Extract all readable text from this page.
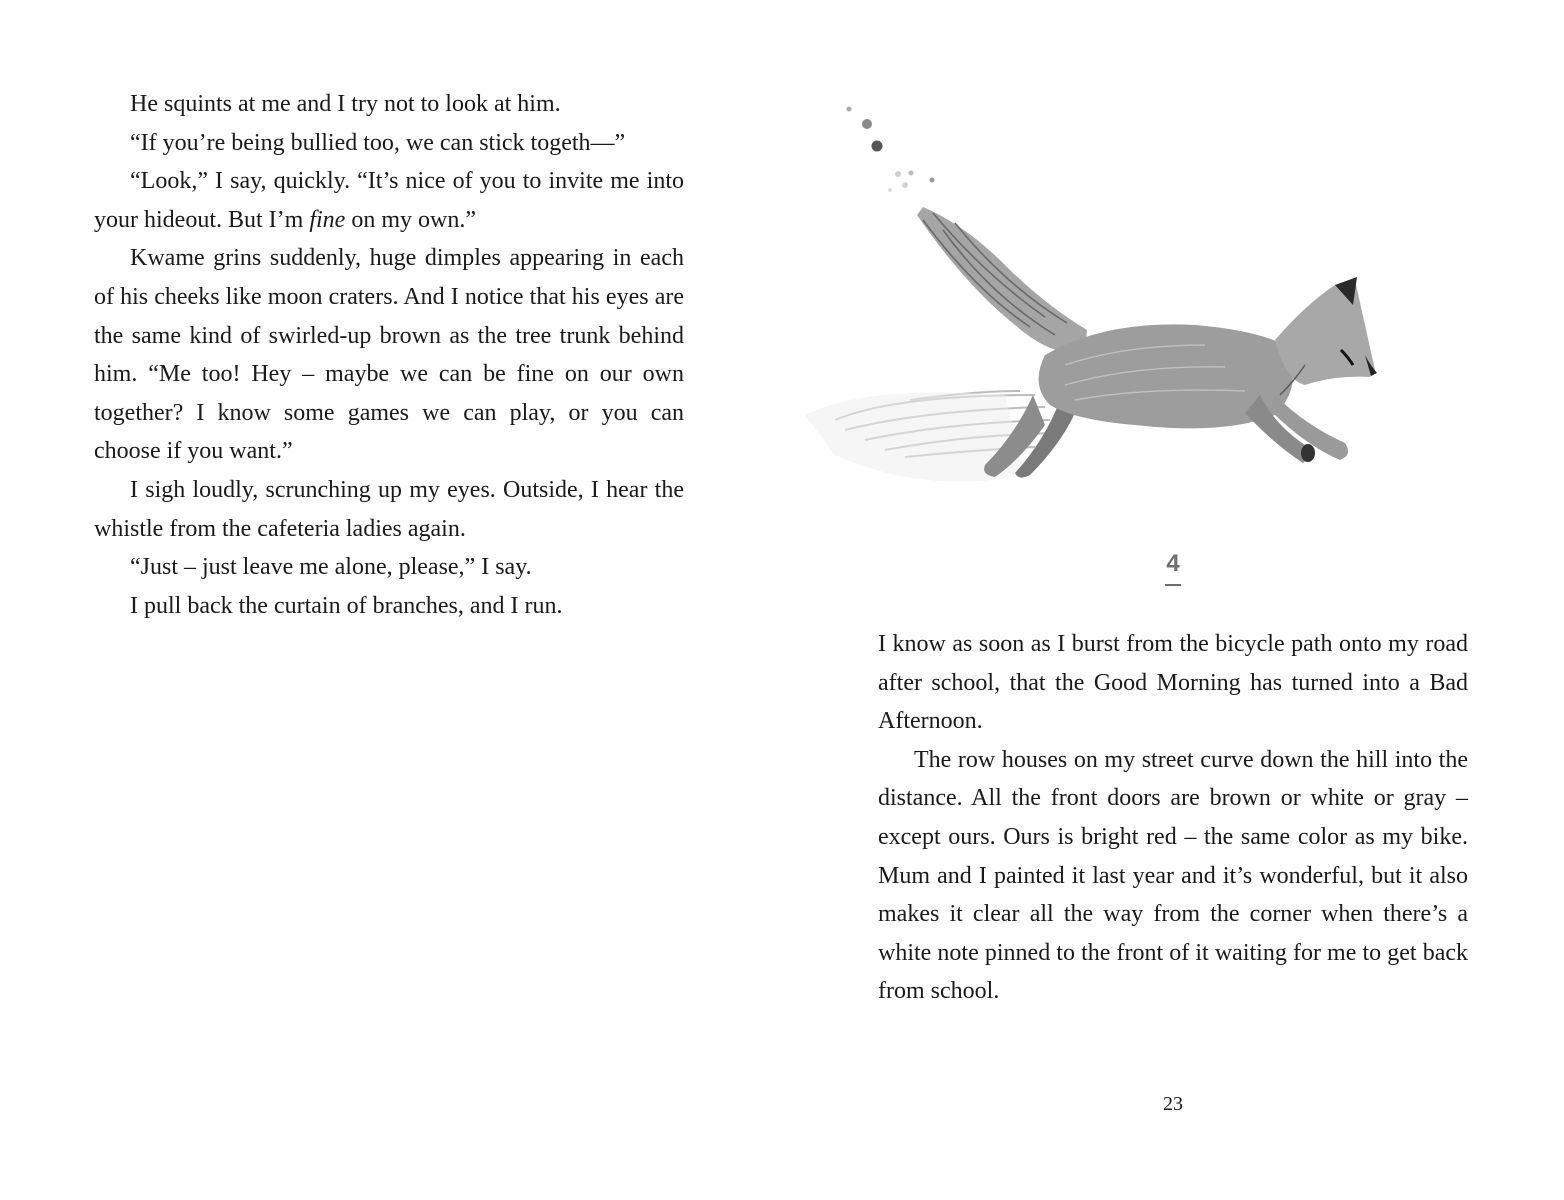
He squints at me and I try not to look at him.

“If you’re being bullied too, we can stick togeth—”

“Look,” I say, quickly. “It’s nice of you to invite me into your hideout. But I’m fine on my own.”

Kwame grins suddenly, huge dimples appearing in each of his cheeks like moon craters. And I notice that his eyes are the same kind of swirled-up brown as the tree trunk behind him. “Me too! Hey – maybe we can be fine on our own together? I know some games we can play, or you can choose if you want.”

I sigh loudly, scrunching up my eyes. Outside, I hear the whistle from the cafeteria ladies again.

“Just – just leave me alone, please,” I say.

I pull back the curtain of branches, and I run.

4

I know as soon as I burst from the bicycle path onto my road after school, that the Good Morning has turned into a Bad Afternoon.

The row houses on my street curve down the hill into the distance. All the front doors are brown or white or gray – except ours. Ours is bright red – the same color as my bike. Mum and I painted it last year and it’s wonderful, but it also makes it clear all the way from the corner when there’s a white note pinned to the front of it waiting for me to get back from school.

23
